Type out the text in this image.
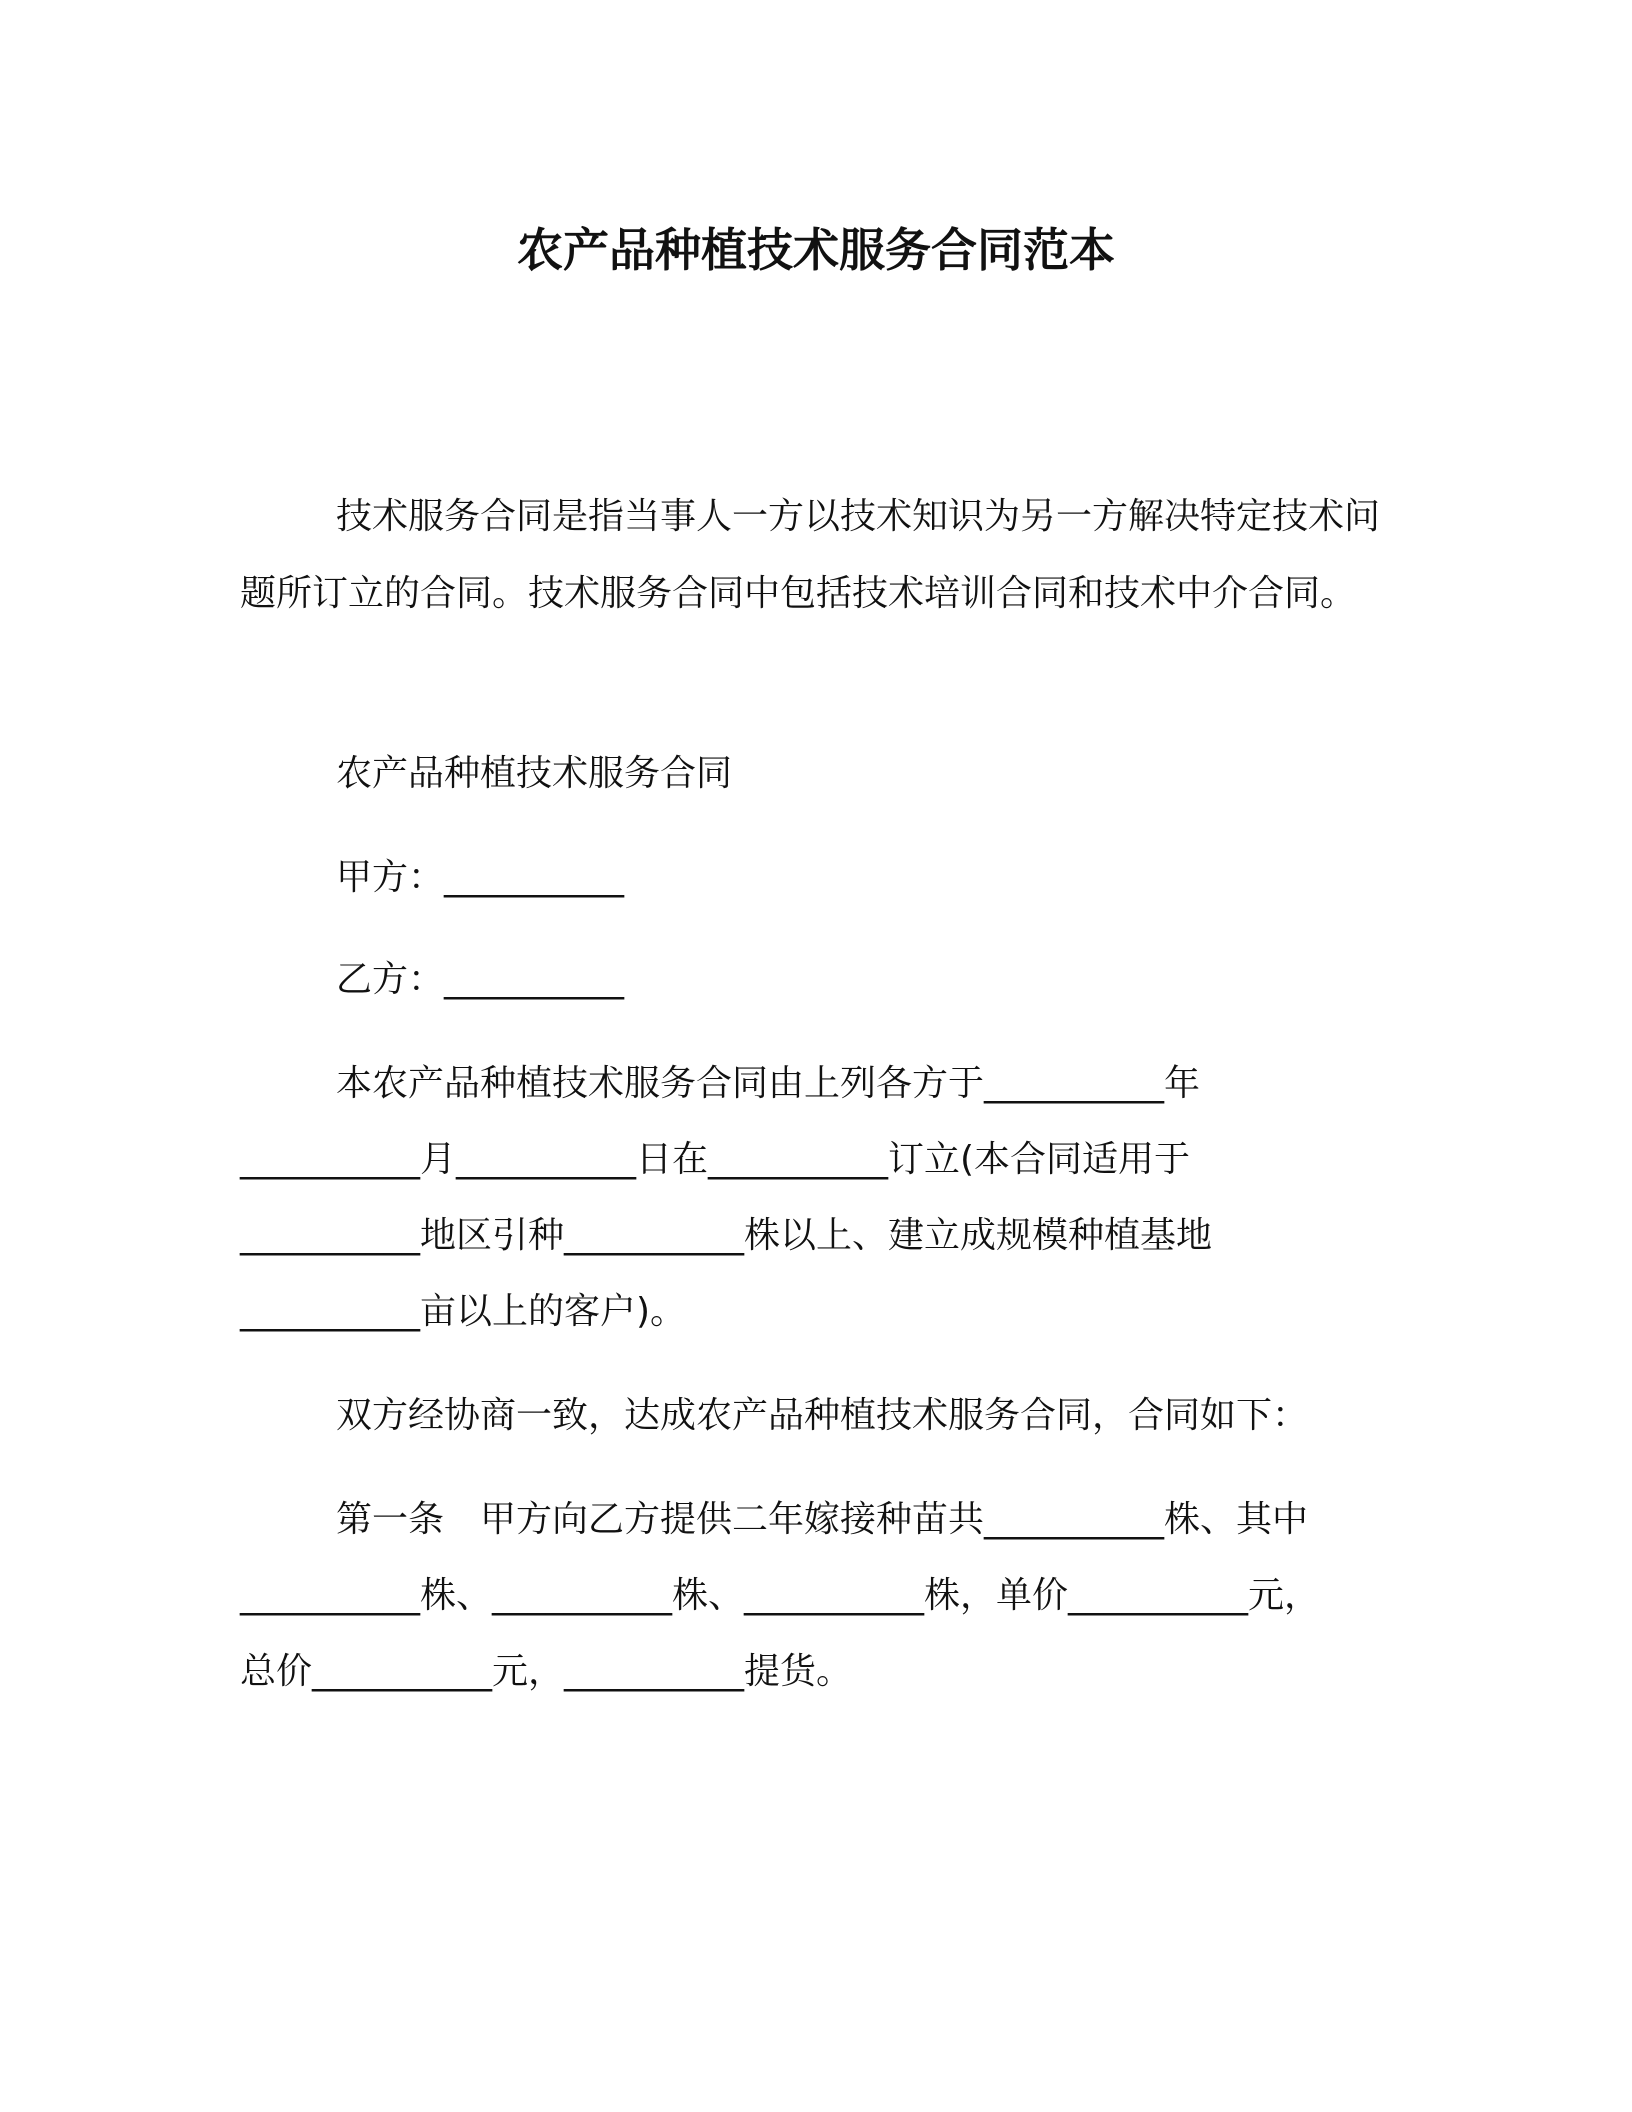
农产品种植技术服务合同范本

技术服务合同是指当事人一方以技术知识为另一方解决特定技术问题所订立的合同。技术服务合同中包括技术培训合同和技术中介合同。

农产品种植技术服务合同
甲方：__________
乙方：__________
本农产品种植技术服务合同由上列各方于__________年
__________月__________日在__________订立(本合同适用于
__________地区引种__________株以上、建立成规模种植基地
__________亩以上的客户)。
双方经协商一致，达成农产品种植技术服务合同，合同如下：
第一条　甲方向乙方提供二年嫁接种苗共__________株、其中
__________株、__________株、__________株，单价__________元，
总价__________元，__________提货。
